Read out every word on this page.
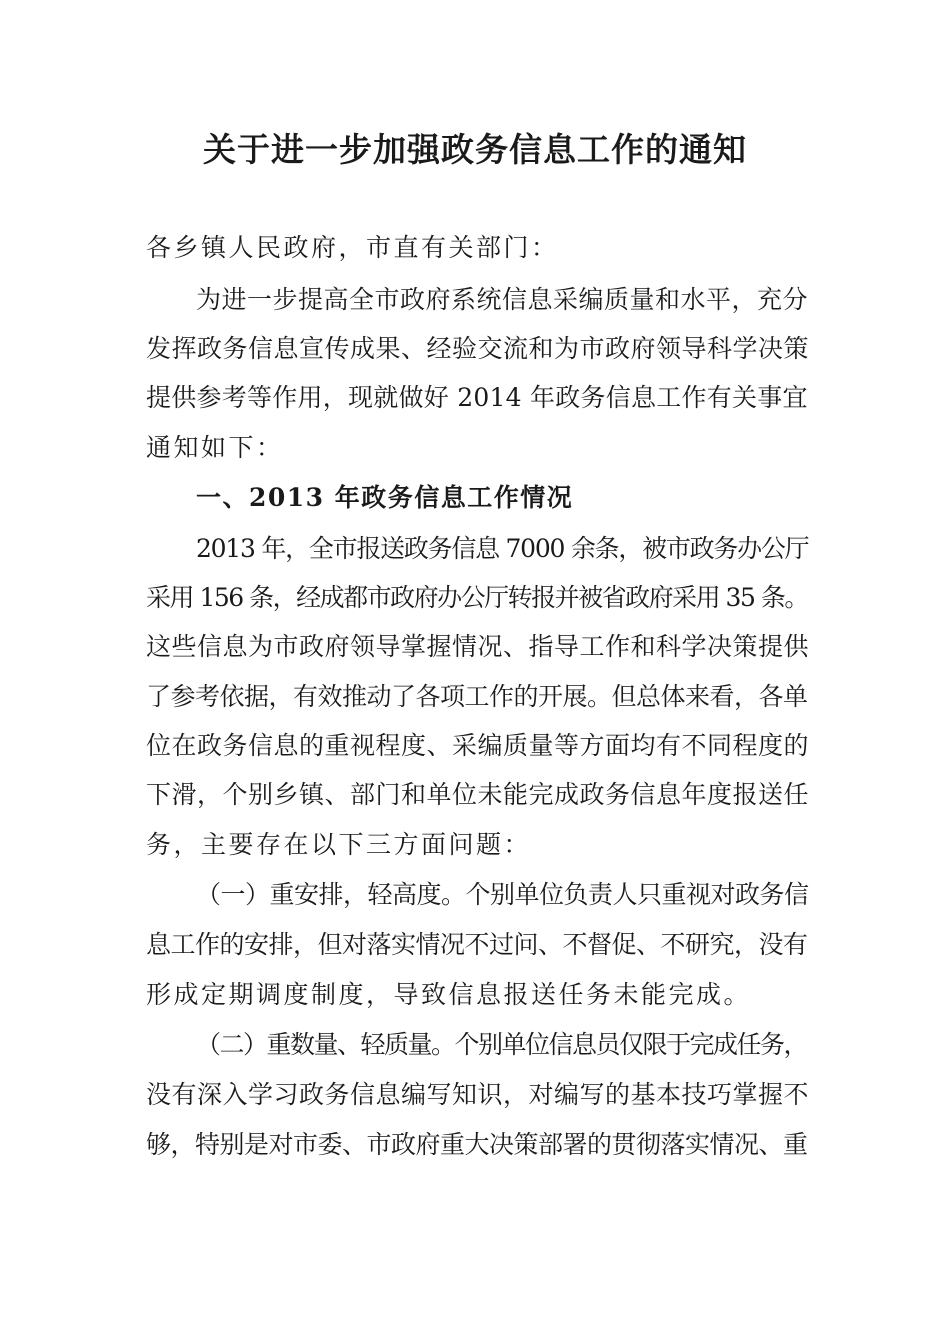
关于进一步加强政务信息工作的通知
各乡镇人民政府，市直有关部门：
为进一步提高全市政府系统信息采编质量和水平，充分
发挥政务信息宣传成果、经验交流和为市政府领导科学决策
提供参考等作用，现就做好 2014 年政务信息工作有关事宜
通知如下：
一、2013 年政务信息工作情况
2013 年，全市报送政务信息 7000 余条，被市政务办公厅
采用 156 条，经成都市政府办公厅转报并被省政府采用 35 条。
这些信息为市政府领导掌握情况、指导工作和科学决策提供
了参考依据，有效推动了各项工作的开展。但总体来看，各单
位在政务信息的重视程度、采编质量等方面均有不同程度的
下滑，个别乡镇、部门和单位未能完成政务信息年度报送任
务，主要存在以下三方面问题：
（一）重安排，轻高度。个别单位负责人只重视对政务信
息工作的安排，但对落实情况不过问、不督促、不研究，没有
形成定期调度制度，导致信息报送任务未能完成。
（二）重数量、轻质量。个别单位信息员仅限于完成任务，
没有深入学习政务信息编写知识，对编写的基本技巧掌握不
够，特别是对市委、市政府重大决策部署的贯彻落实情况、重
